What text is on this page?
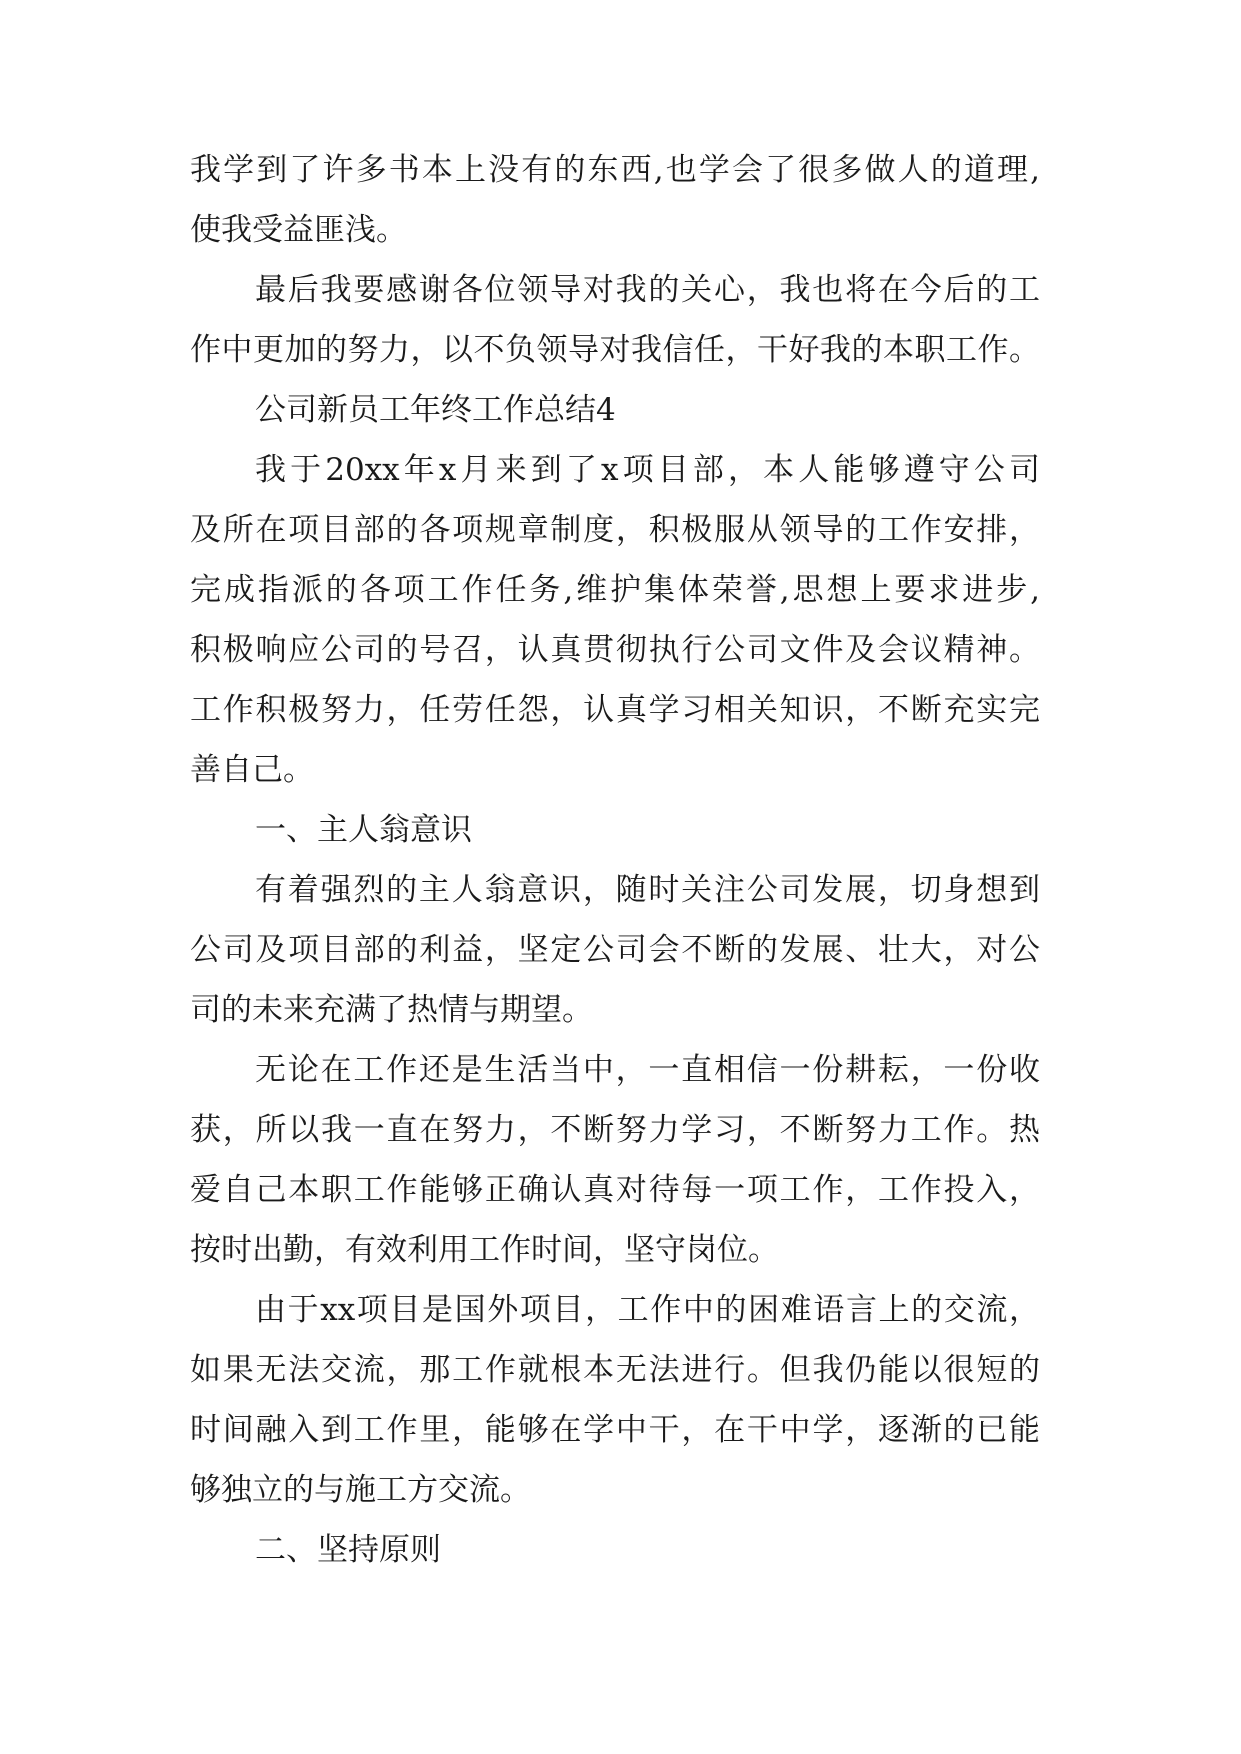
我学到了许多书本上没有的东西,也学会了很多做人的道理,
使我受益匪浅。
最后我要感谢各位领导对我的关心，我也将在今后的工
作中更加的努力，以不负领导对我信任，干好我的本职工作。
公司新员工年终工作总结4
我于20xx年x月来到了x项目部，本人能够遵守公司
及所在项目部的各项规章制度，积极服从领导的工作安排，
完成指派的各项工作任务,维护集体荣誉,思想上要求进步,
积极响应公司的号召，认真贯彻执行公司文件及会议精神。
工作积极努力，任劳任怨，认真学习相关知识，不断充实完
善自己。
一、主人翁意识
有着强烈的主人翁意识，随时关注公司发展，切身想到
公司及项目部的利益，坚定公司会不断的发展、壮大，对公
司的未来充满了热情与期望。
无论在工作还是生活当中，一直相信一份耕耘，一份收
获，所以我一直在努力，不断努力学习，不断努力工作。热
爱自己本职工作能够正确认真对待每一项工作，工作投入，
按时出勤，有效利用工作时间，坚守岗位。
由于xx项目是国外项目，工作中的困难语言上的交流，
如果无法交流，那工作就根本无法进行。但我仍能以很短的
时间融入到工作里，能够在学中干，在干中学，逐渐的已能
够独立的与施工方交流。
二、坚持原则
